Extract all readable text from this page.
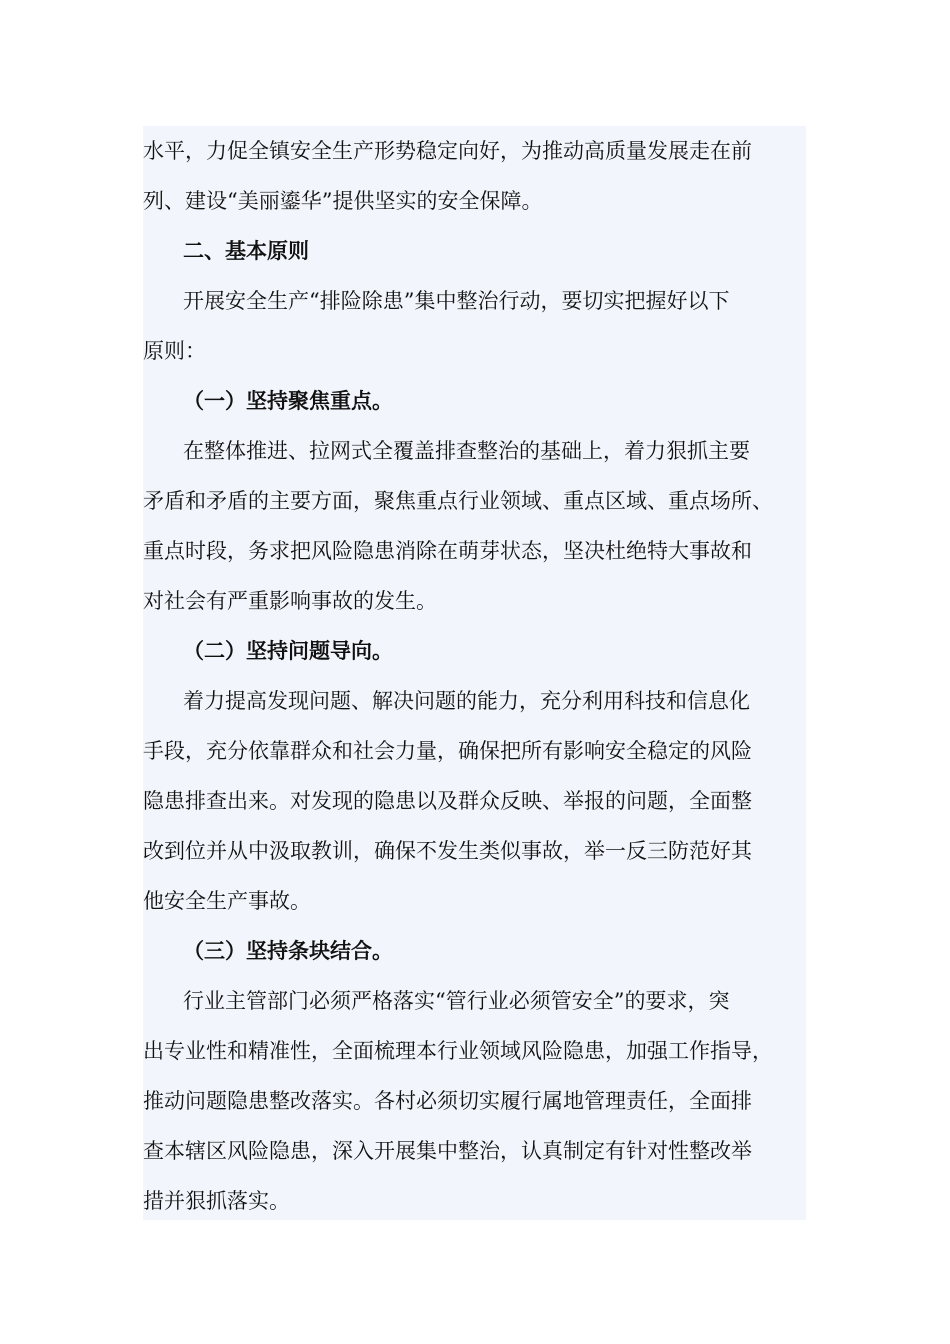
水平，力促全镇安全生产形势稳定向好，为推动高质量发展走在前
列、建设“美丽鎏华”提供坚实的安全保障。
二、基本原则
开展安全生产“排险除患”集中整治行动，要切实把握好以下
原则：
（一）坚持聚焦重点。
在整体推进、拉网式全覆盖排查整治的基础上，着力狠抓主要
矛盾和矛盾的主要方面，聚焦重点行业领域、重点区域、重点场所、
重点时段，务求把风险隐患消除在萌芽状态，坚决杜绝特大事故和
对社会有严重影响事故的发生。
（二）坚持问题导向。
着力提高发现问题、解决问题的能力，充分利用科技和信息化
手段，充分依靠群众和社会力量，确保把所有影响安全稳定的风险
隐患排查出来。对发现的隐患以及群众反映、举报的问题，全面整
改到位并从中汲取教训，确保不发生类似事故，举一反三防范好其
他安全生产事故。
（三）坚持条块结合。
行业主管部门必须严格落实“管行业必须管安全”的要求，突
出专业性和精准性，全面梳理本行业领域风险隐患，加强工作指导，
推动问题隐患整改落实。各村必须切实履行属地管理责任，全面排
查本辖区风险隐患，深入开展集中整治，认真制定有针对性整改举
措并狠抓落实。
